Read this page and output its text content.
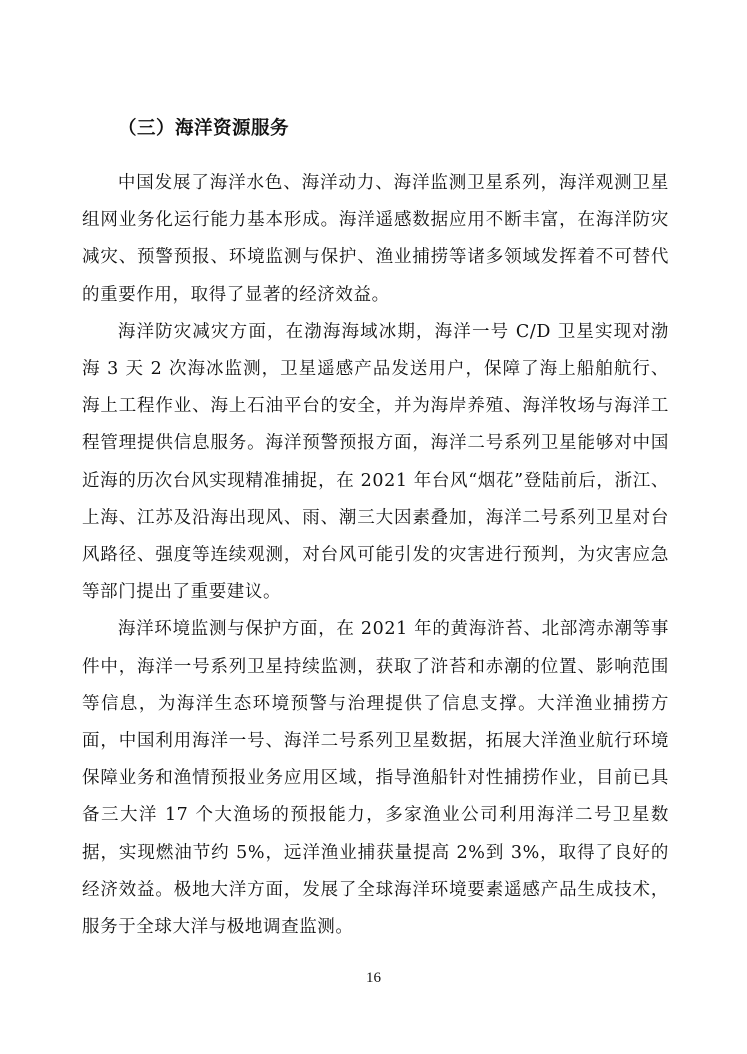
（三）海洋资源服务

中国发展了海洋水色、海洋动力、海洋监测卫星系列，海洋观测卫星组网业务化运行能力基本形成。海洋遥感数据应用不断丰富，在海洋防灾减灾、预警预报、环境监测与保护、渔业捕捞等诸多领域发挥着不可替代的重要作用，取得了显著的经济效益。

海洋防灾减灾方面，在渤海海域冰期，海洋一号 C/D 卫星实现对渤海 3 天 2 次海冰监测，卫星遥感产品发送用户，保障了海上船舶航行、海上工程作业、海上石油平台的安全，并为海岸养殖、海洋牧场与海洋工程管理提供信息服务。海洋预警预报方面，海洋二号系列卫星能够对中国近海的历次台风实现精准捕捉，在 2021 年台风“烟花”登陆前后，浙江、上海、江苏及沿海出现风、雨、潮三大因素叠加，海洋二号系列卫星对台风路径、强度等连续观测，对台风可能引发的灾害进行预判，为灾害应急等部门提出了重要建议。

海洋环境监测与保护方面，在 2021 年的黄海浒苔、北部湾赤潮等事件中，海洋一号系列卫星持续监测，获取了浒苔和赤潮的位置、影响范围等信息，为海洋生态环境预警与治理提供了信息支撑。大洋渔业捕捞方面，中国利用海洋一号、海洋二号系列卫星数据，拓展大洋渔业航行环境保障业务和渔情预报业务应用区域，指导渔船针对性捕捞作业，目前已具备三大洋 17 个大渔场的预报能力，多家渔业公司利用海洋二号卫星数据，实现燃油节约 5%，远洋渔业捕获量提高 2%到 3%，取得了良好的经济效益。极地大洋方面，发展了全球海洋环境要素遥感产品生成技术，服务于全球大洋与极地调查监测。

16
